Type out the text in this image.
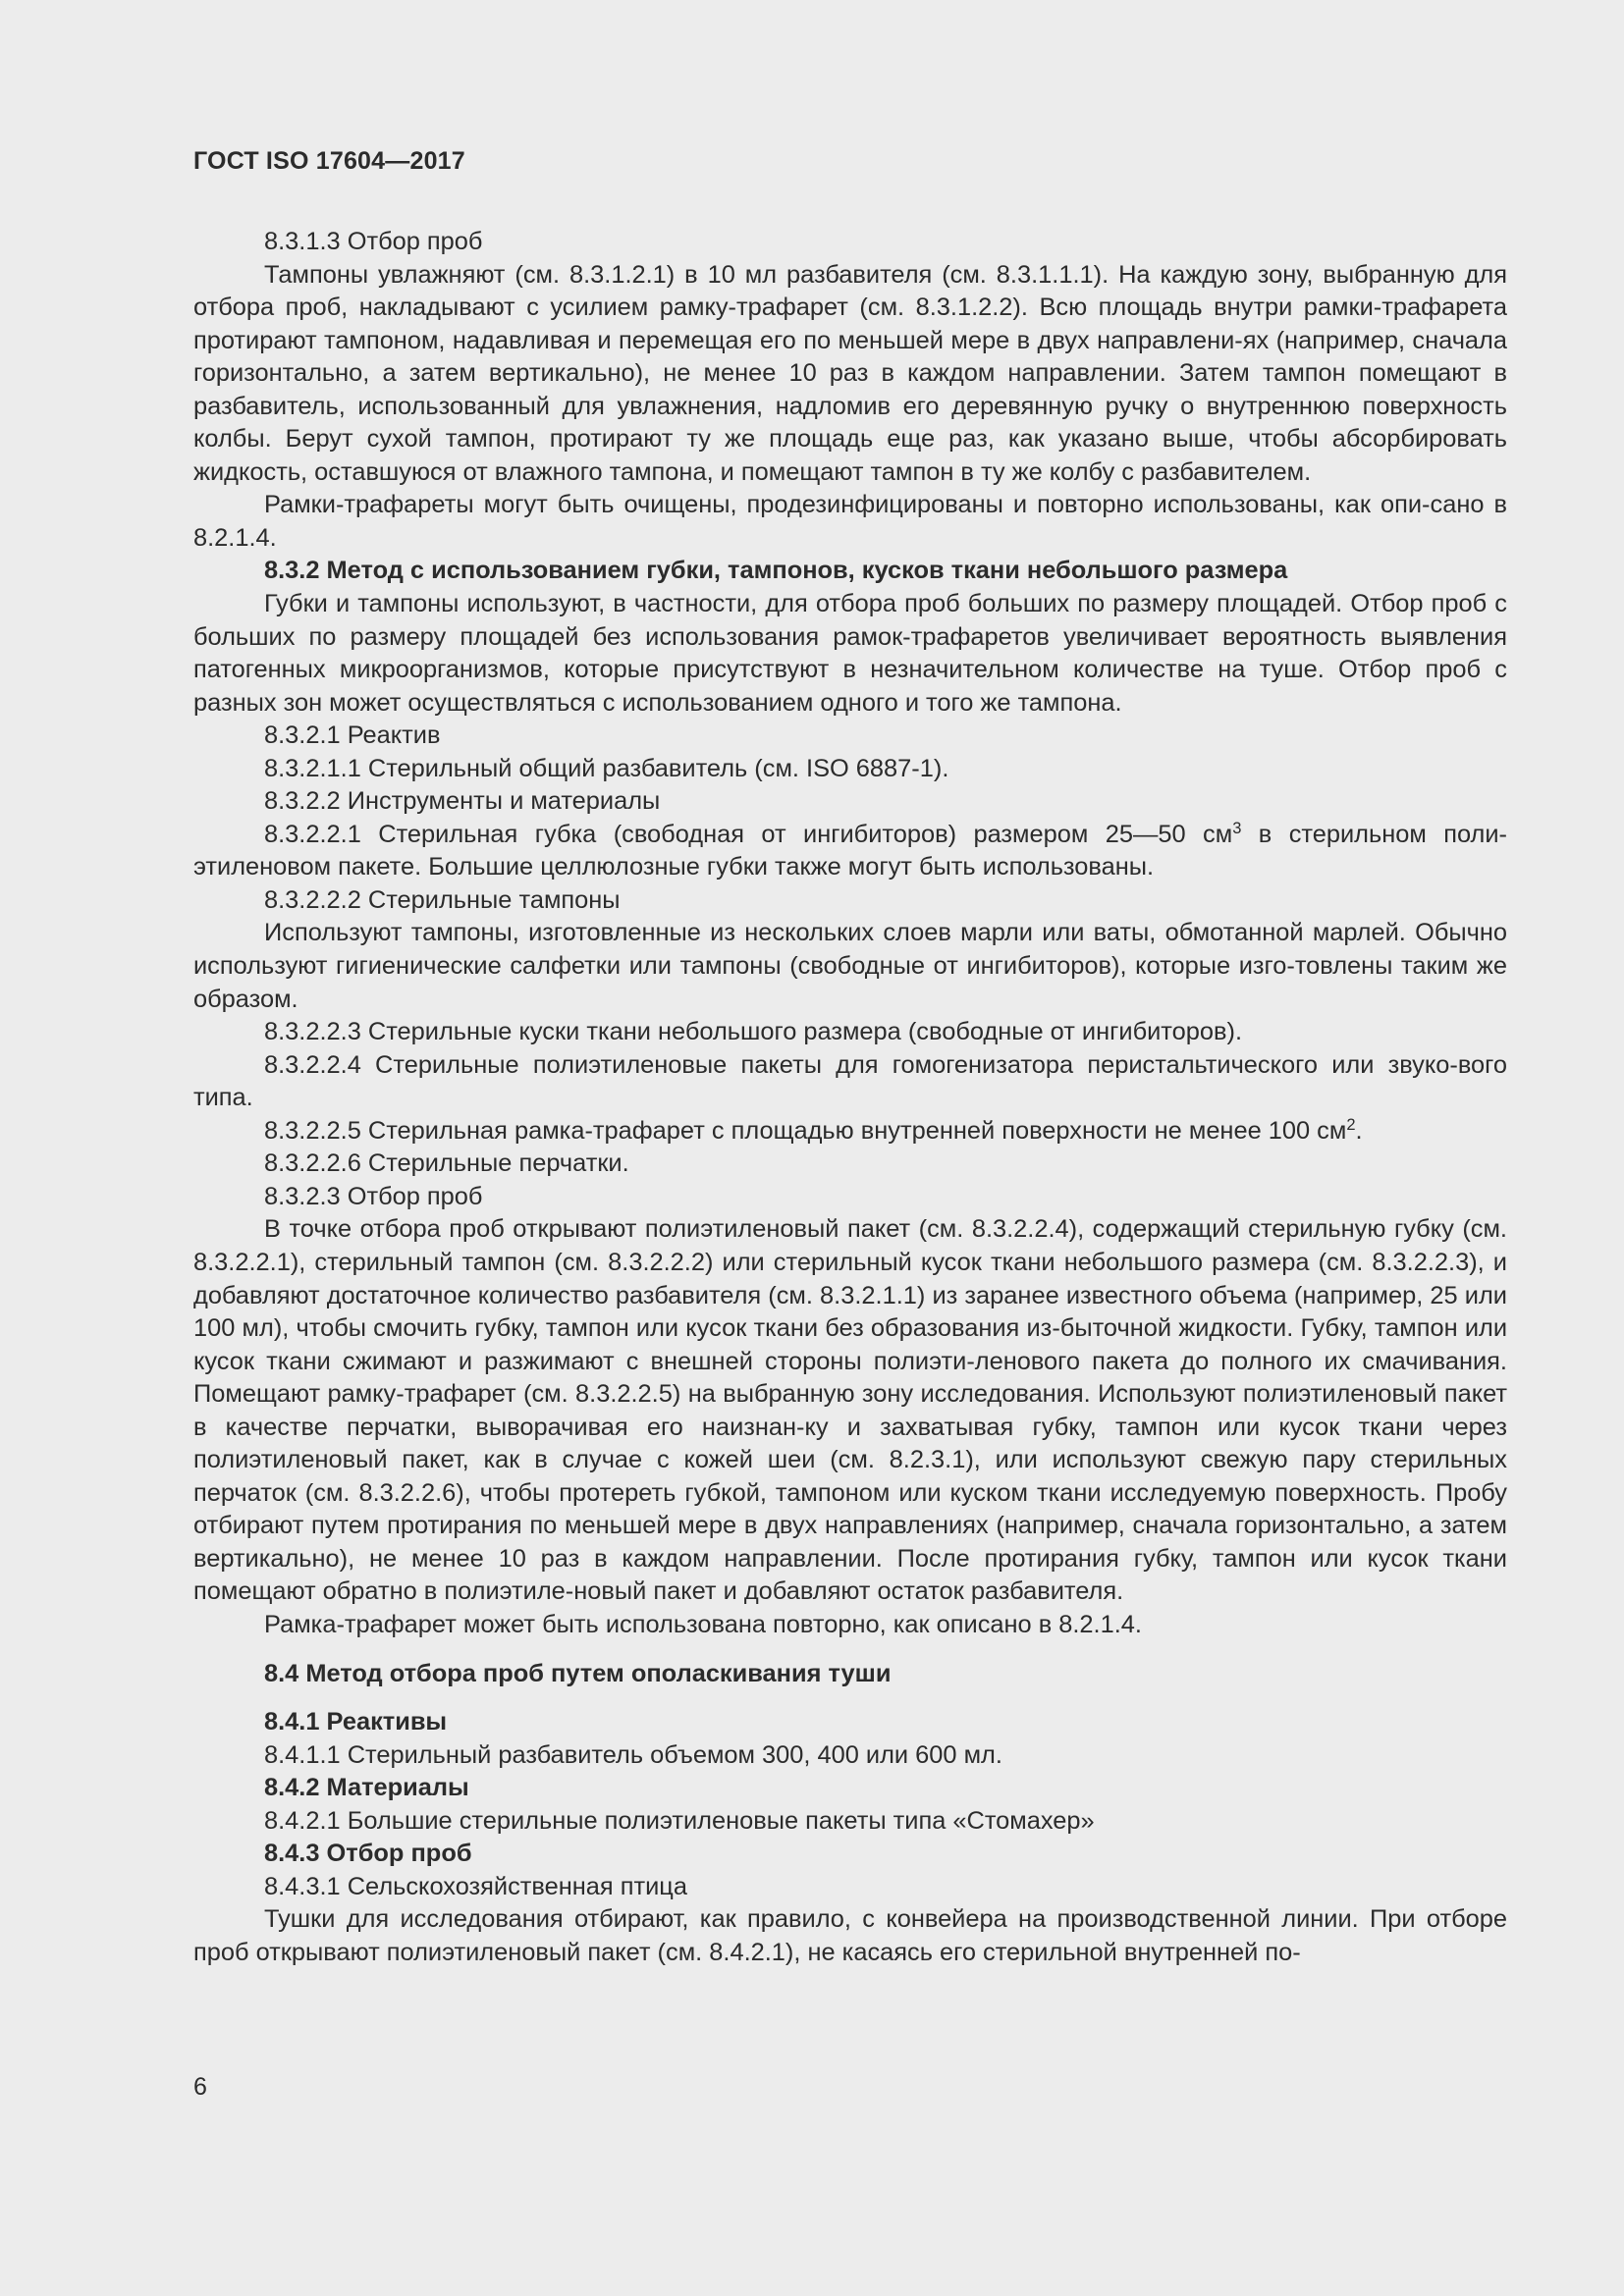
ГОСТ ISO 17604—2017

8.3.1.3 Отбор проб

Тампоны увлажняют (см. 8.3.1.2.1) в 10 мл разбавителя (см. 8.3.1.1.1). На каждую зону, выбранную для отбора проб, накладывают с усилием рамку-трафарет (см. 8.3.1.2.2). Всю площадь внутри рамки-трафарета протирают тампоном, надавливая и перемещая его по меньшей мере в двух направлени-ях (например, сначала горизонтально, а затем вертикально), не менее 10 раз в каждом направлении. Затем тампон помещают в разбавитель, использованный для увлажнения, надломив его деревянную ручку о внутреннюю поверхность колбы. Берут сухой тампон, протирают ту же площадь еще раз, как указано выше, чтобы абсорбировать жидкость, оставшуюся от влажного тампона, и помещают тампон в ту же колбу с разбавителем.

Рамки-трафареты могут быть очищены, продезинфицированы и повторно использованы, как опи-сано в 8.2.1.4.

8.3.2 Метод с использованием губки, тампонов, кусков ткани небольшого размера

Губки и тампоны используют, в частности, для отбора проб больших по размеру площадей. Отбор проб с больших по размеру площадей без использования рамок-трафаретов увеличивает вероятность выявления патогенных микроорганизмов, которые присутствуют в незначительном количестве на туше. Отбор проб с разных зон может осуществляться с использованием одного и того же тампона.

8.3.2.1 Реактив

8.3.2.1.1 Стерильный общий разбавитель (см. ISO 6887-1).

8.3.2.2 Инструменты и материалы

8.3.2.2.1 Стерильная губка (свободная от ингибиторов) размером 25—50 $см^3$ в стерильном поли-этиленовом пакете. Большие целлюлозные губки также могут быть использованы.

8.3.2.2.2 Стерильные тампоны

Используют тампоны, изготовленные из нескольких слоев марли или ваты, обмотанной марлей. Обычно используют гигиенические салфетки или тампоны (свободные от ингибиторов), которые изго-товлены таким же образом.

8.3.2.2.3 Стерильные куски ткани небольшого размера (свободные от ингибиторов).

8.3.2.2.4 Стерильные полиэтиленовые пакеты для гомогенизатора перистальтического или звуко-вого типа.

8.3.2.2.5 Стерильная рамка-трафарет с площадью внутренней поверхности не менее 100 $см^2$.

8.3.2.2.6 Стерильные перчатки.

8.3.2.3 Отбор проб

В точке отбора проб открывают полиэтиленовый пакет (см. 8.3.2.2.4), содержащий стерильную губку (см. 8.3.2.2.1), стерильный тампон (см. 8.3.2.2.2) или стерильный кусок ткани небольшого размера (см. 8.3.2.2.3), и добавляют достаточное количество разбавителя (см. 8.3.2.1.1) из заранее известного объема (например, 25 или 100 мл), чтобы смочить губку, тампон или кусок ткани без образования из-быточной жидкости. Губку, тампон или кусок ткани сжимают и разжимают с внешней стороны полиэти-ленового пакета до полного их смачивания. Помещают рамку-трафарет (см. 8.3.2.2.5) на выбранную зону исследования. Используют полиэтиленовый пакет в качестве перчатки, выворачивая его наизнан-ку и захватывая губку, тампон или кусок ткани через полиэтиленовый пакет, как в случае с кожей шеи (см. 8.2.3.1), или используют свежую пару стерильных перчаток (см. 8.3.2.2.6), чтобы протереть губкой, тампоном или куском ткани исследуемую поверхность. Пробу отбирают путем протирания по меньшей мере в двух направлениях (например, сначала горизонтально, а затем вертикально), не менее 10 раз в каждом направлении. После протирания губку, тампон или кусок ткани помещают обратно в полиэтиле-новый пакет и добавляют остаток разбавителя.

Рамка-трафарет может быть использована повторно, как описано в 8.2.1.4.

8.4 Метод отбора проб путем ополаскивания туши

8.4.1 Реактивы

8.4.1.1 Стерильный разбавитель объемом 300, 400 или 600 мл.

8.4.2 Материалы

8.4.2.1 Большие стерильные полиэтиленовые пакеты типа «Стомахер»

8.4.3 Отбор проб

8.4.3.1 Сельскохозяйственная птица

Тушки для исследования отбирают, как правило, с конвейера на производственной линии. При отборе проб открывают полиэтиленовый пакет (см. 8.4.2.1), не касаясь его стерильной внутренней по-

6
